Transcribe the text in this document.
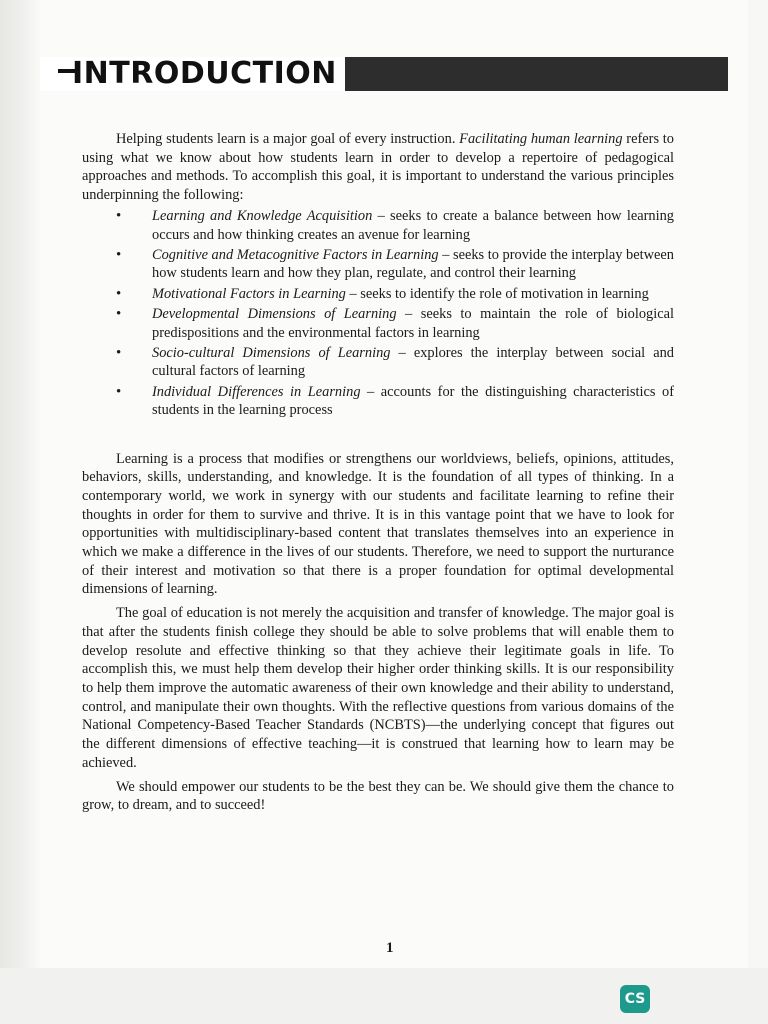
INTRODUCTION

Helping students learn is a major goal of every instruction. Facilitating human learning refers to using what we know about how students learn in order to develop a repertoire of pedagogical approaches and methods. To accomplish this goal, it is important to understand the various principles underpinning the following:

• Learning and Knowledge Acquisition – seeks to create a balance between how learning occurs and how thinking creates an avenue for learning
• Cognitive and Metacognitive Factors in Learning – seeks to provide the interplay between how students learn and how they plan, regulate, and control their learning
• Motivational Factors in Learning – seeks to identify the role of motivation in learning
• Developmental Dimensions of Learning – seeks to maintain the role of biological predispositions and the environmental factors in learning
• Socio-cultural Dimensions of Learning – explores the interplay between social and cultural factors of learning
• Individual Differences in Learning – accounts for the distinguishing characteristics of students in the learning process

Learning is a process that modifies or strengthens our worldviews, beliefs, opinions, attitudes, behaviors, skills, understanding, and knowledge. It is the foundation of all types of thinking. In a contemporary world, we work in synergy with our students and facilitate learning to refine their thoughts in order for them to survive and thrive. It is in this vantage point that we have to look for opportunities with multidisciplinary-based content that translates themselves into an experience in which we make a difference in the lives of our students. Therefore, we need to support the nurturance of their interest and motivation so that there is a proper foundation for optimal developmental dimensions of learning.

The goal of education is not merely the acquisition and transfer of knowledge. The major goal is that after the students finish college they should be able to solve problems that will enable them to develop resolute and effective thinking so that they achieve their legitimate goals in life. To accomplish this, we must help them develop their higher order thinking skills. It is our responsibility to help them improve the automatic awareness of their own knowledge and their ability to understand, control, and manipulate their own thoughts. With the reflective questions from various domains of the National Competency-Based Teacher Standards (NCBTS)—the underlying concept that figures out the different dimensions of effective teaching—it is construed that learning how to learn may be achieved.

We should empower our students to be the best they can be. We should give them the chance to grow, to dream, and to succeed!

1
CS
